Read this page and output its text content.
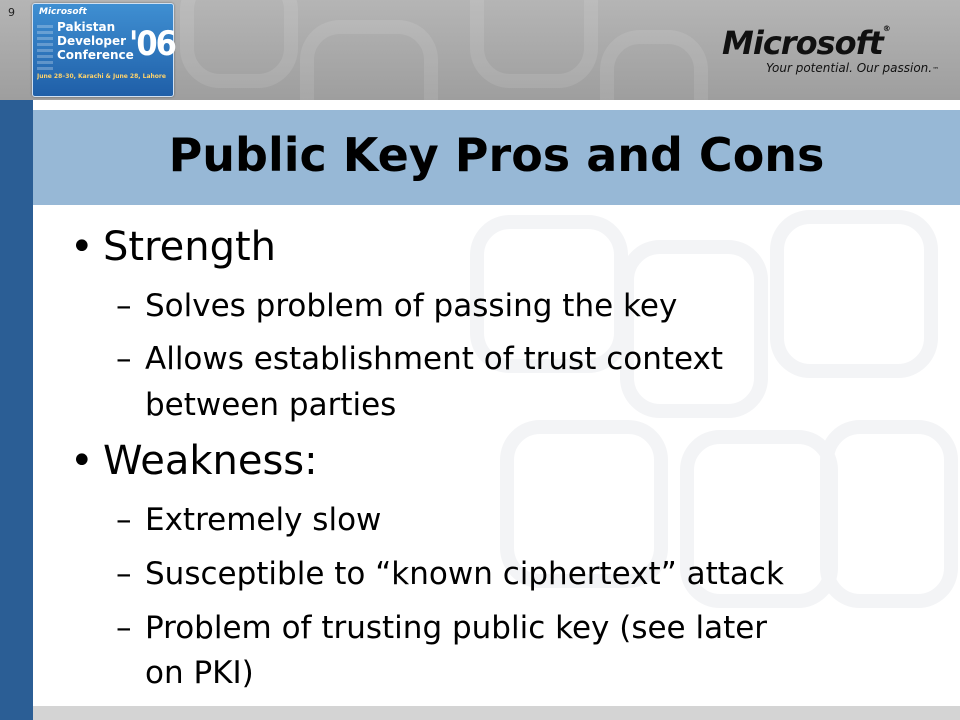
9	Microsoft
Pakistan
Developer
Conference
'06
June 28–30, Karachi & June 28, Lahore
Microsoft®
Your potential. Our passion.™
Public Key Pros and Cons
• Strength
– Solves problem of passing the key
– Allows establishment of trust context
between parties
• Weakness:
– Extremely slow
– Susceptible to “known ciphertext” attack
– Problem of trusting public key (see later
on PKI)
